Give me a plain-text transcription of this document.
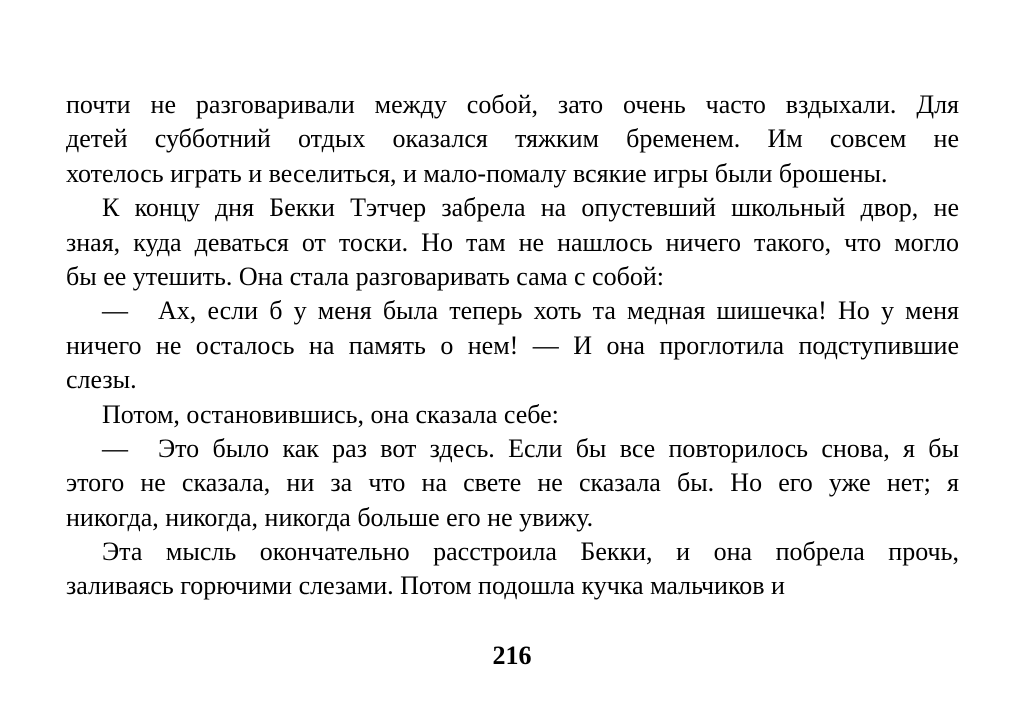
почти не разговаривали между собой, зато очень часто вздыхали. Для
детей субботний отдых оказался тяжким бременем. Им совсем не
хотелось играть и веселиться, и мало-помалу всякие игры были брошены.
К концу дня Бекки Тэтчер забрела на опустевший школьный двор, не
зная, куда деваться от тоски. Но там не нашлось ничего такого, что могло
бы ее утешить. Она стала разговаривать сама с собой:
—	Ах, если б у меня была теперь хоть та медная шишечка! Но у меня
ничего не осталось на память о нем! — И она проглотила подступившие
слезы.
Потом, остановившись, она сказала себе:
—	Это было как раз вот здесь. Если бы все повторилось снова, я бы
этого не сказала, ни за что на свете не сказала бы. Но его уже нет; я
никогда, никогда, никогда больше его не увижу.
Эта мысль окончательно расстроила Бекки, и она побрела прочь,
заливаясь горючими слезами. Потом подошла кучка мальчиков и
216
